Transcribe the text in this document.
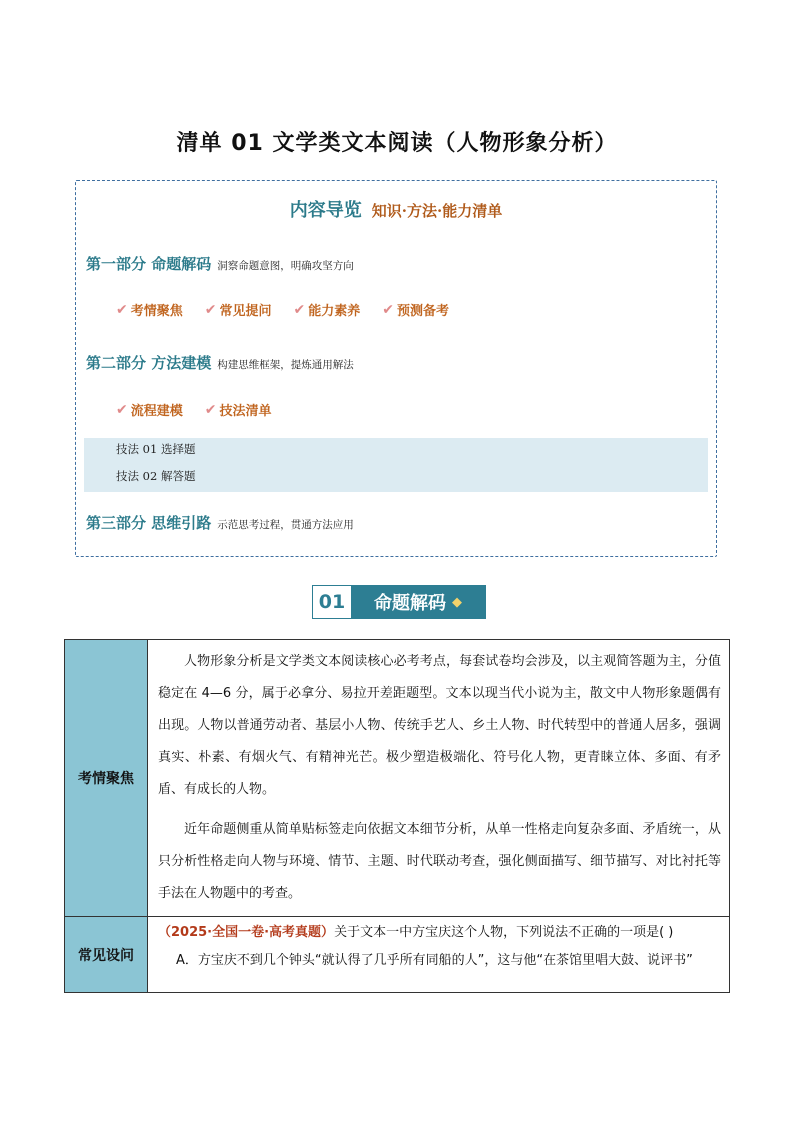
清单 01 文学类文本阅读（人物形象分析）
内容导览 知识·方法·能力清单
第一部分 命题解码 洞察命题意图，明确攻坚方向
✔ 考情聚焦 ✔ 常见提问 ✔ 能力素养 ✔ 预测备考
第二部分 方法建模 构建思维框架，提炼通用解法
✔ 流程建模 ✔ 技法清单
技法 01 选择题
技法 02 解答题
第三部分 思维引路 示范思考过程，贯通方法应用
01	命题解码 ◆
考情聚焦	人物形象分析是文学类文本阅读核心必考考点，每套试卷均会涉及，以主观简答题为主，分值稳定在 4—6 分，属于必拿分、易拉开差距题型。文本以现当代小说为主，散文中人物形象题偶有出现。人物以普通劳动者、基层小人物、传统手艺人、乡土人物、时代转型中的普通人居多，强调真实、朴素、有烟火气、有精神光芒。极少塑造极端化、符号化人物，更青睐立体、多面、有矛盾、有成长的人物。

近年命题侧重从简单贴标签走向依据文本细节分析，从单一性格走向复杂多面、矛盾统一，从只分析性格走向人物与环境、情节、主题、时代联动考查，强化侧面描写、细节描写、对比衬托等手法在人物题中的考查。

常见设问	（2025·全国一卷·高考真题）关于文本一中方宝庆这个人物，下列说法不正确的一项是( )
A．方宝庆不到几个钟头“就认得了几乎所有同船的人”，这与他“在茶馆里唱大鼓、说评书”
